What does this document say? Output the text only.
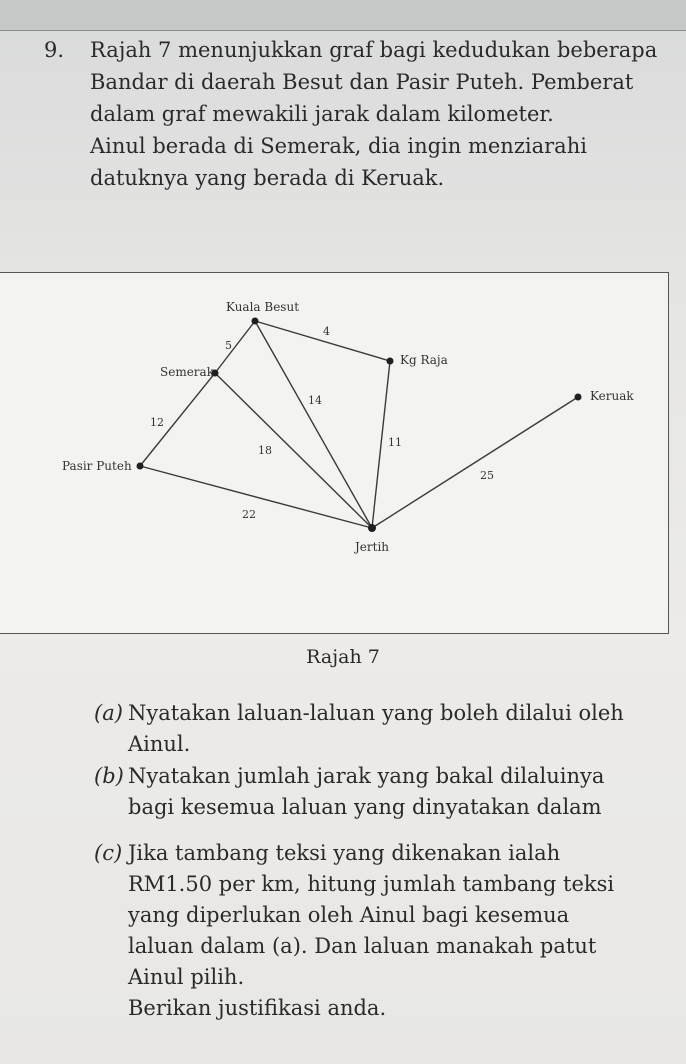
9. Rajah 7 menunjukkan graf bagi kedudukan beberapa
Bandar di daerah Besut dan Pasir Puteh. Pemberat
dalam graf mewakili jarak dalam kilometer.
Ainul berada di Semerak, dia ingin menziarahi
datuknya yang berada di Keruak.
Kuala Besut
Semerak
Kg Raja
Keruak
Pasir Puteh
Jertih
5
4
14
12
18
11
25
22
Rajah 7
(a) Nyatakan laluan-laluan yang boleh dilalui oleh
Ainul.
(b) Nyatakan jumlah jarak yang bakal dilaluinya
bagi kesemua laluan yang dinyatakan dalam
(c) Jika tambang teksi yang dikenakan ialah
RM1.50 per km, hitung jumlah tambang teksi
yang diperlukan oleh Ainul bagi kesemua
laluan dalam (a). Dan laluan manakah patut
Ainul pilih.
Berikan justifikasi anda.
